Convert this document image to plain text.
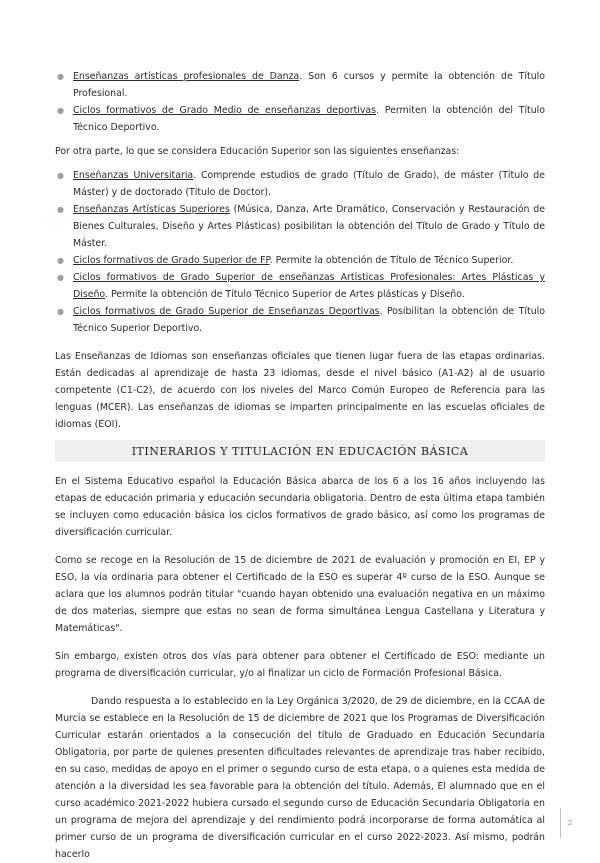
● Enseñanzas artísticas profesionales de Danza. Son 6 cursos y permite la obtención de Título Profesional.
● Ciclos formativos de Grado Medio de enseñanzas deportivas. Permiten la obtención del Título Técnico Deportivo.

Por otra parte, lo que se considera Educación Superior son las siguientes enseñanzas:

● Enseñanzas Universitaria. Comprende estudios de grado (Título de Grado), de máster (Título de Máster) y de doctorado (Título de Doctor).
● Enseñanzas Artísticas Superiores (Música, Danza, Arte Dramático, Conservación y Restauración de Bienes Culturales, Diseño y Artes Plásticas) posibilitan la obtención del Título de Grado y Título de Máster.
● Ciclos formativos de Grado Superior de FP. Permite la obtención de Título de Técnico Superior.
● Ciclos formativos de Grado Superior de enseñanzas Artísticas Profesionales: Artes Plásticas y Diseño. Permite la obtención de Título Técnico Superior de Artes plásticas y Diseño.
● Ciclos formativos de Grado Superior de Enseñanzas Deportivas. Posibilitan la obtención de Título Técnico Superior Deportivo.

Las Enseñanzas de Idiomas son enseñanzas oficiales que tienen lugar fuera de las etapas ordinarias. Están dedicadas al aprendizaje de hasta 23 idiomas, desde el nivel básico (A1-A2) al de usuario competente (C1-C2), de acuerdo con los niveles del Marco Común Europeo de Referencia para las lenguas (MCER). Las enseñanzas de idiomas se imparten principalmente en las escuelas oficiales de idiomas (EOI).

ITINERARIOS Y TITULACIÓN EN EDUCACIÓN BÁSICA

En el Sistema Educativo español la Educación Básica abarca de los 6 a los 16 años incluyendo las etapas de educación primaria y educación secundaria obligatoria. Dentro de esta última etapa también se incluyen como educación básica los ciclos formativos de grado básico, así como los programas de diversificación curricular.

Como se recoge en la Resolución de 15 de diciembre de 2021 de evaluación y promoción en EI, EP y ESO, la vía ordinaria para obtener el Certificado de la ESO es superar 4º curso de la ESO. Aunque se aclara que los alumnos podrán titular "cuando hayan obtenido una evaluación negativa en un máximo de dos materias, siempre que estas no sean de forma simultánea Lengua Castellana y Literatura y Matemáticas".

Sin embargo, existen otros dos vías para obtener para obtener el Certificado de ESO: mediante un programa de diversificación curricular, y/o al finalizar un ciclo de Formación Profesional Básica.

Dando respuesta a lo establecido en la Ley Orgánica 3/2020, de 29 de diciembre, en la CCAA de Murcia se establece en la Resolución de 15 de diciembre de 2021 que los Programas de Diversificación Curricular estarán orientados a la consecución del título de Graduado en Educación Secundaria Obligatoria, por parte de quienes presenten dificultades relevantes de aprendizaje tras haber recibido, en su caso, medidas de apoyo en el primer o segundo curso de esta etapa, o a quienes esta medida de atención a la diversidad les sea favorable para la obtención del título. Además, El alumnado que en el curso académico 2021-2022 hubiera cursado el segundo curso de Educación Secundaria Obligatoria en un programa de mejora del aprendizaje y del rendimiento podrá incorporarse de forma automática al primer curso de un programa de diversificación curricular en el curso 2022-2023. Así mismo, podrán hacerlo

2
